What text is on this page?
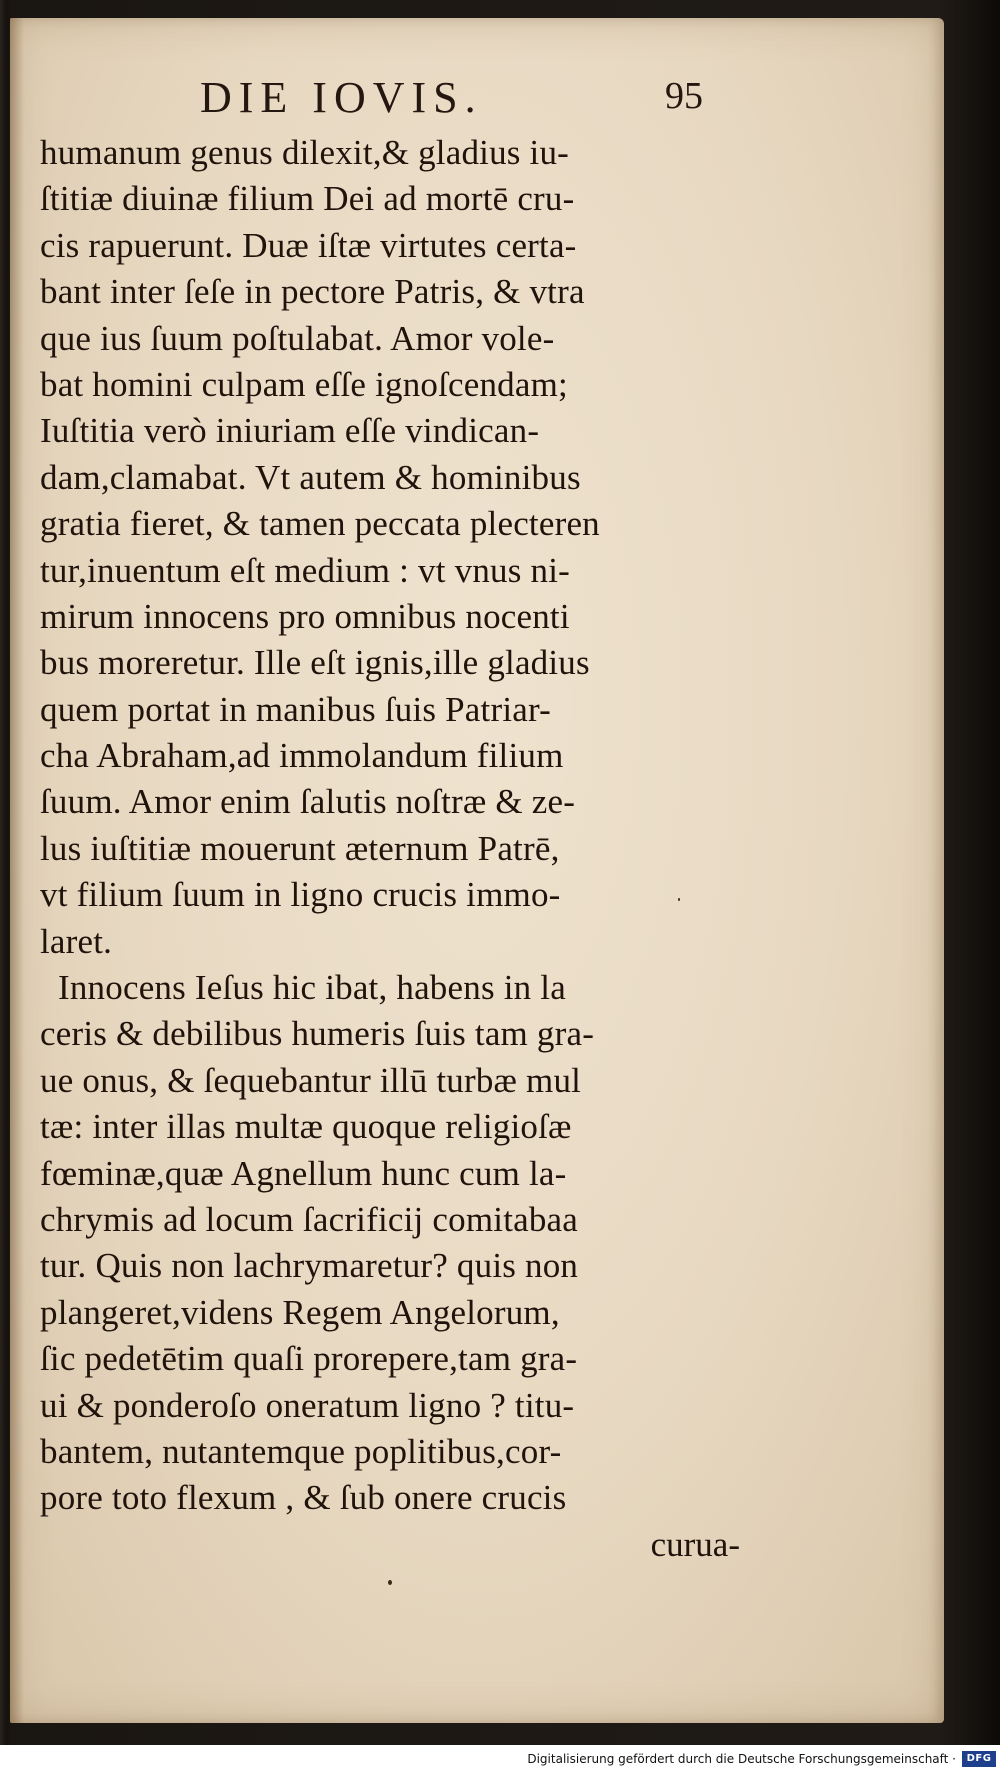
DIE IOVIS.	95
humanum genus dilexit,& gladius iu-
ſtitiæ diuinæ filium Dei ad mortē cru-
cis rapuerunt. Duæ iſtæ virtutes certa-
bant inter ſeſe in pectore Patris, & vtra
que ius ſuum poſtulabat. Amor vole-
bat homini culpam eſſe ignoſcendam;
Iuſtitia verò iniuriam eſſe vindican-
dam,clamabat. Vt autem & hominibus
gratia fieret, & tamen peccata plecteren
tur,inuentum eſt medium : vt vnus ni-
mirum innocens pro omnibus nocenti
bus moreretur. Ille eſt ignis,ille gladius
quem portat in manibus ſuis Patriar-
cha Abraham,ad immolandum filium
ſuum. Amor enim ſalutis noſtræ & ze-
lus iuſtitiæ mouerunt æternum Patrē,
vt filium ſuum in ligno crucis immo-
laret.
Innocens Ieſus hic ibat, habens in la
ceris & debilibus humeris ſuis tam gra-
ue onus, & ſequebantur illū turbæ mul
tæ: inter illas multæ quoque religioſæ
fœminæ,quæ Agnellum hunc cum la-
chrymis ad locum ſacrificij comitabaa
tur. Quis non lachrymaretur? quis non
plangeret,videns Regem Angelorum,
ſic pedetētim quaſi prorepere,tam gra-
ui & ponderoſo oneratum ligno ? titu-
bantem, nutantemque poplitibus,cor-
pore toto flexum , & ſub onere crucis
curua-
Digitalisierung gefördert durch die Deutsche Forschungsgemeinschaft ·	DFG
